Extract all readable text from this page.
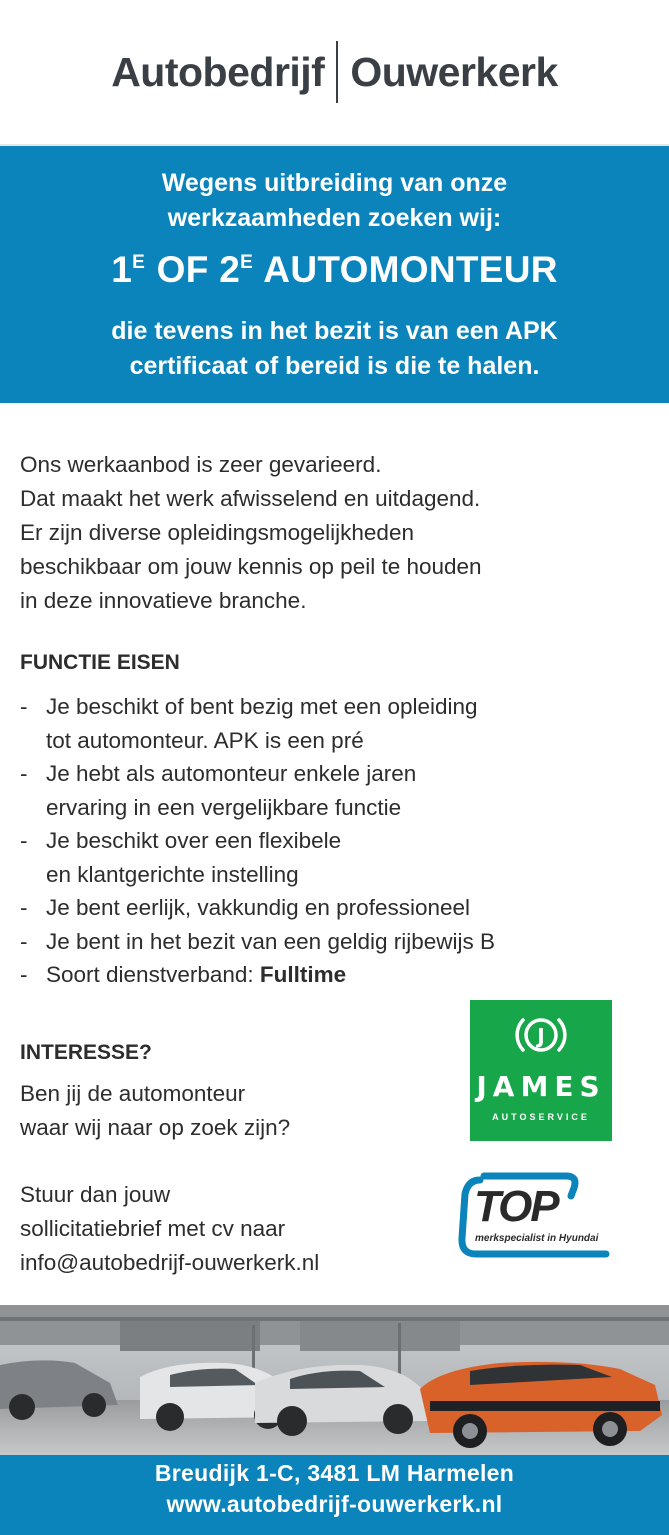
Autobedrijf Ouwerkerk
Wegens uitbreiding van onze
werkzaamheden zoeken wij:
$1^E$ OF $2^E$ AUTOMONTEUR
die tevens in het bezit is van een APK
certificaat of bereid is die te halen.
Ons werkaanbod is zeer gevarieerd.
Dat maakt het werk afwisselend en uitdagend.
Er zijn diverse opleidingsmogelijkheden
beschikbaar om jouw kennis op peil te houden
in deze innovatieve branche.
FUNCTIE EISEN
- Je beschikt of bent bezig met een opleiding
tot automonteur. APK is een pré
- Je hebt als automonteur enkele jaren
ervaring in een vergelijkbare functie
- Je beschikt over een flexibele
en klantgerichte instelling
- Je bent eerlijk, vakkundig en professioneel
- Je bent in het bezit van een geldig rijbewijs B
- Soort dienstverband: Fulltime
INTERESSE?
Ben jij de automonteur
waar wij naar op zoek zijn?
Stuur dan jouw
sollicitatiebrief met cv naar
info@autobedrijf-ouwerkerk.nl
J
JAMES
AUTOSERVICE
TOP
merkspecialist in Hyundai
Breudijk 1-C, 3481 LM Harmelen
www.autobedrijf-ouwerkerk.nl
